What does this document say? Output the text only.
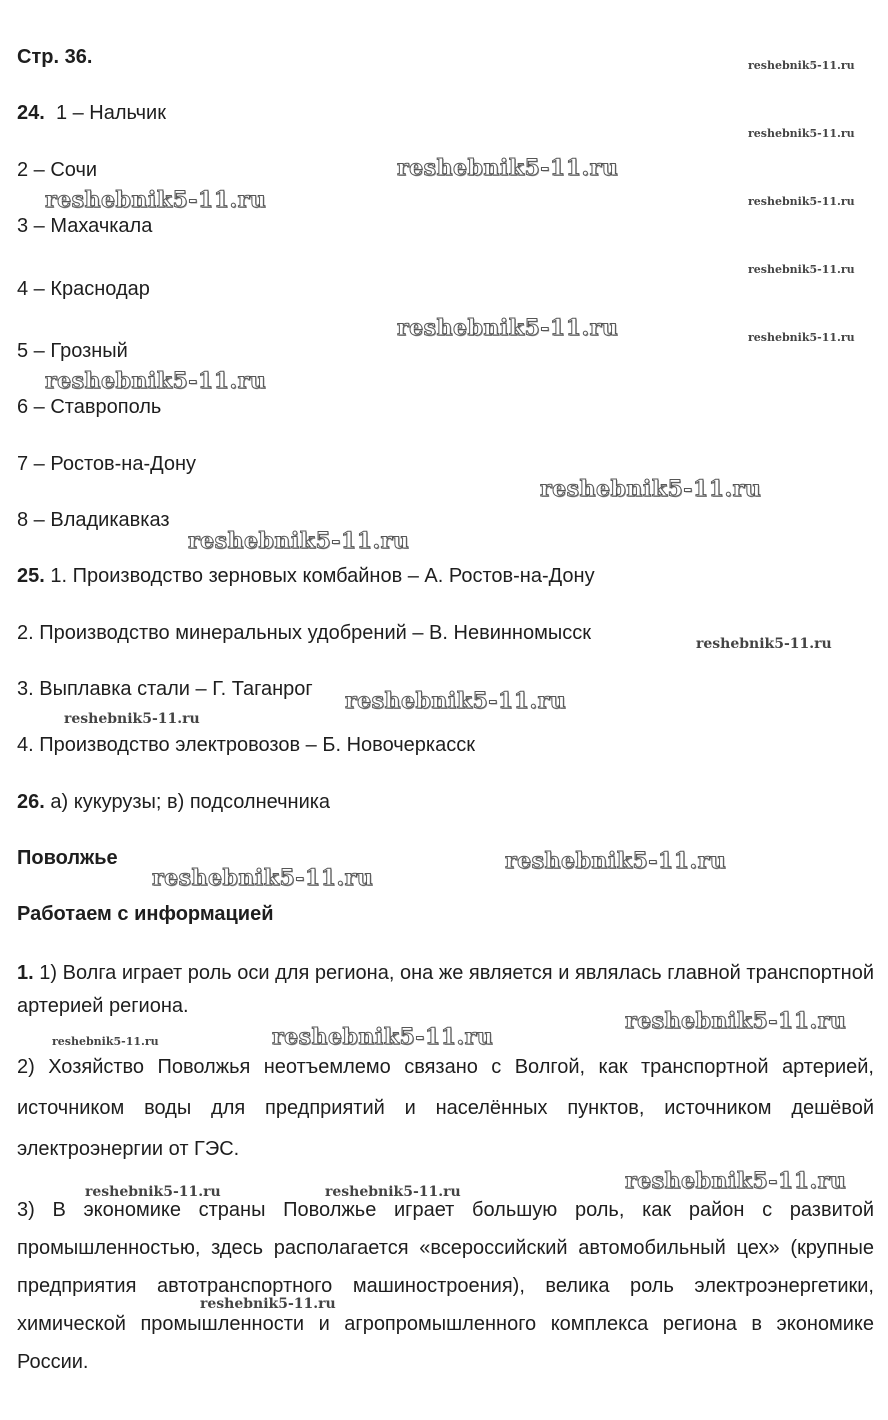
Стр. 36.
24. 1 – Нальчик
2 – Сочи
3 – Махачкала
4 – Краснодар
5 – Грозный
6 – Ставрополь
7 – Ростов-на-Дону
8 – Владикавказ
25. 1. Производство зерновых комбайнов – А. Ростов-на-Дону
2. Производство минеральных удобрений – В. Невинномысск
3. Выплавка стали – Г. Таганрог
4. Производство электровозов – Б. Новочеркасск
26. а) кукурузы; в) подсолнечника
Поволжье
Работаем с информацией
1. 1) Волга играет роль оси для региона, она же является и являлась главной транспортной артерией региона.
2) Хозяйство Поволжья неотъемлемо связано с Волгой, как транспортной артерией, источником воды для предприятий и населённых пунктов, источником дешёвой электроэнергии от ГЭС.
3) В экономике страны Поволжье играет большую роль, как район с развитой промышленностью, здесь располагается «всероссийский автомобильный цех» (крупные предприятия автотранспортного машиностроения), велика роль электроэнергетики, химической промышленности и агропромышленного комплекса региона в экономике России.
reshebnik5-11.ru
reshebnik5-11.ru
reshebnik5-11.ru
reshebnik5-11.ru
reshebnik5-11.ru
reshebnik5-11.ru
reshebnik5-11.ru
reshebnik5-11.ru
reshebnik5-11.ru
reshebnik5-11.ru
reshebnik5-11.ru
reshebnik5-11.ru
reshebnik5-11.ru
reshebnik5-11.ru
reshebnik5-11.ru
reshebnik5-11.ru
reshebnik5-11.ru
reshebnik5-11.ru
reshebnik5-11.ru
reshebnik5-11.ru
reshebnik5-11.ru	reshebnik5-11.ru
reshebnik5-11.ru
